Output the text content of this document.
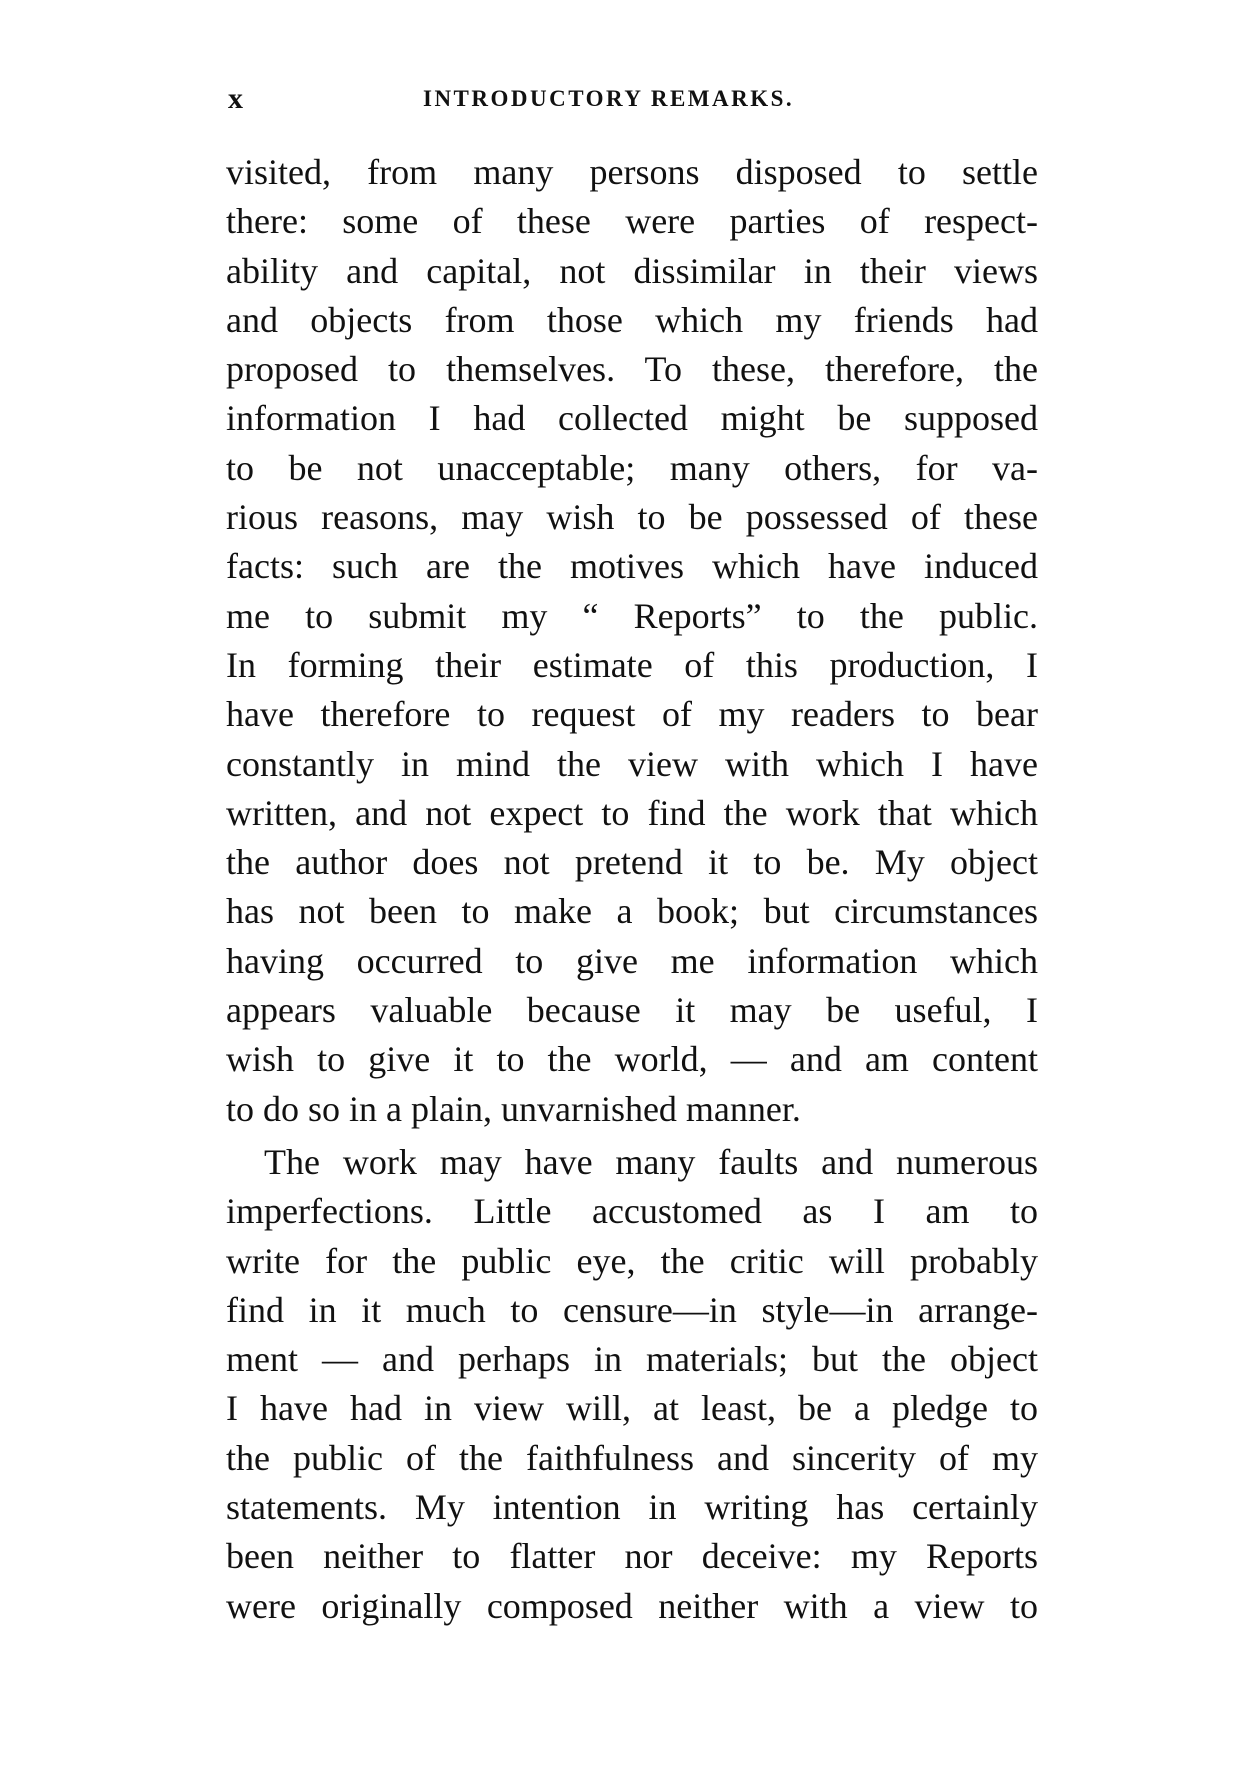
x	INTRODUCTORY REMARKS.
visited, from many persons disposed to settle
there: some of these were parties of respect-
ability and capital, not dissimilar in their views
and objects from those which my friends had
proposed to themselves. To these, therefore, the
information I had collected might be supposed
to be not unacceptable; many others, for va-
rious reasons, may wish to be possessed of these
facts: such are the motives which have induced
me to submit my “ Reports” to the public.
In forming their estimate of this production, I
have therefore to request of my readers to bear
constantly in mind the view with which I have
written, and not expect to find the work that which
the author does not pretend it to be. My object
has not been to make a book; but circumstances
having occurred to give me information which
appears valuable because it may be useful, I
wish to give it to the world, — and am content
to do so in a plain, unvarnished manner.
The work may have many faults and numerous
imperfections. Little accustomed as I am to
write for the public eye, the critic will probably
find in it much to censure—in style—in arrange-
ment — and perhaps in materials; but the object
I have had in view will, at least, be a pledge to
the public of the faithfulness and sincerity of my
statements. My intention in writing has certainly
been neither to flatter nor deceive: my Reports
were originally composed neither with a view to
